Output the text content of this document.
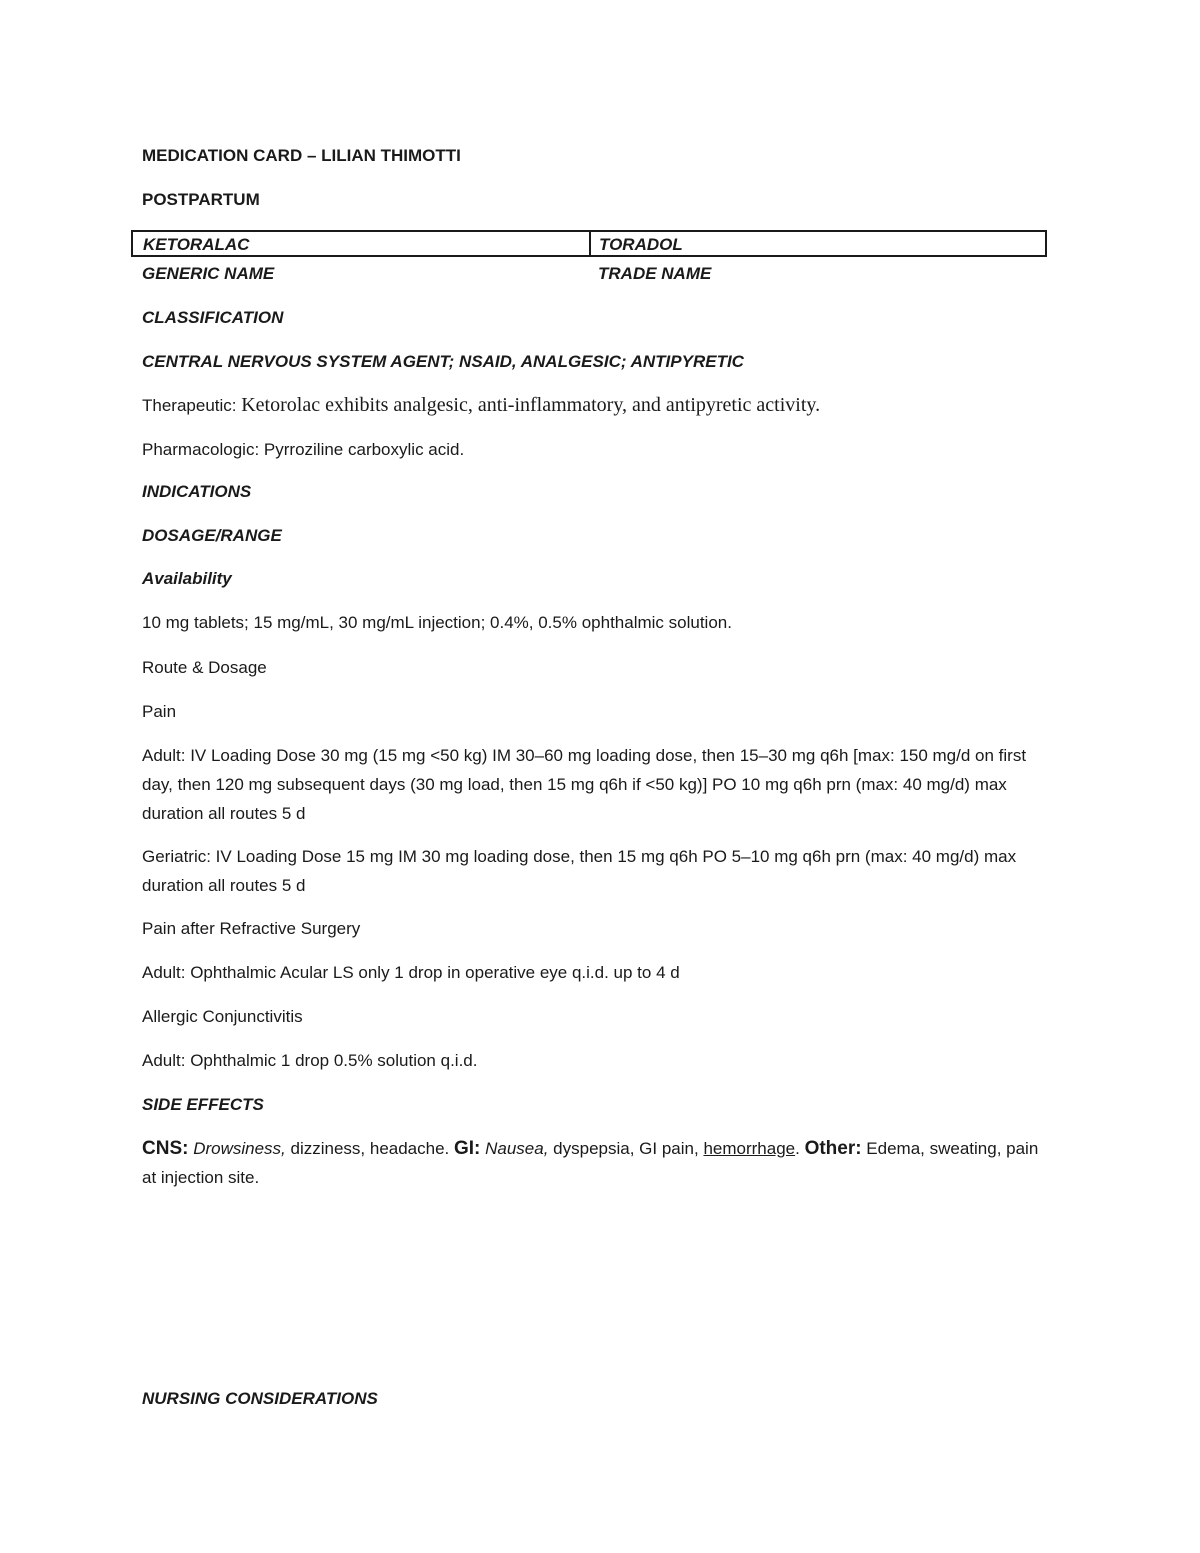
MEDICATION CARD – LILIAN THIMOTTI
POSTPARTUM
KETORALAC	TORADOL
GENERIC NAME	TRADE NAME
CLASSIFICATION
CENTRAL NERVOUS SYSTEM AGENT; NSAID, ANALGESIC; ANTIPYRETIC
Therapeutic: Ketorolac exhibits analgesic, anti-inflammatory, and antipyretic activity.
Pharmacologic: Pyrroziline carboxylic acid.
INDICATIONS
DOSAGE/RANGE
Availability
10 mg tablets; 15 mg/mL, 30 mg/mL injection; 0.4%, 0.5% ophthalmic solution.
Route & Dosage
Pain
Adult: IV Loading Dose 30 mg (15 mg <50 kg) IM 30–60 mg loading dose, then 15–30 mg q6h [max: 150 mg/d on first day, then 120 mg subsequent days (30 mg load, then 15 mg q6h if <50 kg)] PO 10 mg q6h prn (max: 40 mg/d) max duration all routes 5 d
Geriatric: IV Loading Dose 15 mg IM 30 mg loading dose, then 15 mg q6h PO 5–10 mg q6h prn (max: 40 mg/d) max duration all routes 5 d
Pain after Refractive Surgery
Adult: Ophthalmic Acular LS only 1 drop in operative eye q.i.d. up to 4 d
Allergic Conjunctivitis
Adult: Ophthalmic 1 drop 0.5% solution q.i.d.
SIDE EFFECTS
CNS: Drowsiness, dizziness, headache. GI: Nausea, dyspepsia, GI pain, hemorrhage. Other: Edema, sweating, pain at injection site.
NURSING CONSIDERATIONS
